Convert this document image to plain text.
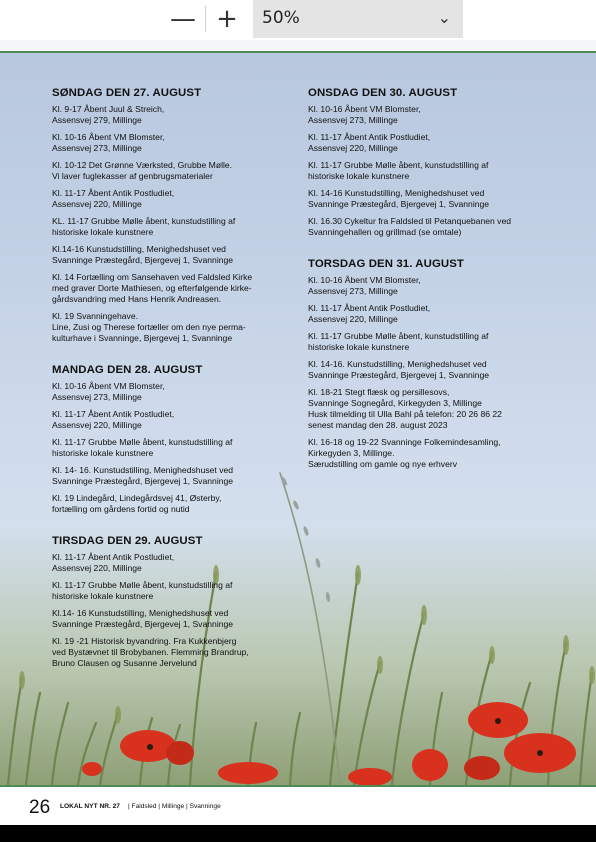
— +	50%	⌄
SØNDAG DEN 27. AUGUST
Kl. 9-17 Åbent Juul & Streich,
Assensvej 279, Millinge
Kl. 10-16 Åbent VM Blomster,
Assensvej 273, Millinge
Kl. 10-12 Det Grønne Værksted, Grubbe Mølle.
Vi laver fuglekasser af genbrugsmaterialer
Kl. 11-17 Åbent Antik Postludiet,
Assensvej 220, Millinge
KL. 11-17 Grubbe Mølle åbent, kunstudstilling af
historiske lokale kunstnere
Kl.14-16 Kunstudstilling, Menighedshuset ved
Svanninge Præstegård, Bjergevej 1, Svanninge
Kl. 14 Fortælling om Sansehaven ved Faldsled Kirke
med graver Dorte Mathiesen, og efterfølgende kirke-
gårdsvandring med Hans Henrik Andreasen.
Kl. 19 Svanningehave.
Line, Zusi og Therese fortæller om den nye perma-
kulturhave i Svanninge, Bjergevej 1, Svanninge
MANDAG DEN 28. AUGUST
Kl. 10-16 Åbent VM Blomster,
Assensvej 273, Millinge
Kl. 11-17 Åbent Antik Postludiet,
Assensvej 220, Millinge
Kl. 11-17 Grubbe Mølle åbent, kunstudstilling af
historiske lokale kunstnere
Kl. 14- 16. Kunstudstilling, Menighedshuset ved
Svanninge Præstegård, Bjergevej 1, Svanninge
Kl. 19 Lindegård, Lindegårdsvej 41, Østerby,
fortælling om gårdens fortid og nutid
TIRSDAG DEN 29. AUGUST
Kl. 11-17 Åbent Antik Postludiet,
Assensvej 220, Millinge
Kl. 11-17 Grubbe Mølle åbent, kunstudstilling af
historiske lokale kunstnere
Kl.14- 16 Kunstudstilling, Menighedshuset ved
Svanninge Præstegård, Bjergevej 1, Svanninge
Kl. 19 -21 Historisk byvandring. Fra Kukkenbjerg
ved Bystævnet til Brobybanen. Flemming Brandrup,
Bruno Clausen og Susanne Jervelund
ONSDAG DEN 30. AUGUST
Kl. 10-16 Åbent VM Blomster,
Assensvej 273, Millinge
Kl. 11-17 Åbent Antik Postludiet,
Assensvej 220, Millinge
Kl. 11-17 Grubbe Mølle åbent, kunstudstilling af
historiske lokale kunstnere
Kl. 14-16 Kunstudstilling, Menighedshuset ved
Svanninge Præstegård, Bjergevej 1, Svanninge
Kl. 16.30 Cykeltur fra Faldsled til Petanquebanen ved
Svanningehallen og grillmad (se omtale)
TORSDAG DEN 31. AUGUST
Kl. 10-16 Åbent VM Blomster,
Assensvej 273, Millinge
Kl. 11-17 Åbent Antik Postludiet,
Assensvej 220, Millinge
Kl. 11-17 Grubbe Mølle åbent, kunstudstilling af
historiske lokale kunstnere
Kl. 14-16. Kunstudstilling, Menighedshuset ved
Svanninge Præstegård, Bjergevej 1, Svanninge
Kl. 18-21 Stegt flæsk og persillesovs,
Svanninge Sognegård, Kirkegyden 3, Millinge
Husk tilmelding til Ulla Bahl på telefon: 20 26 86 22
senest mandag den 28. august 2023
Kl. 16-18 og 19-22 Svanninge Folkemindesamling,
Kirkegyden 3, Millinge.
Særudstilling om gamle og nye erhverv
26 LOKAL NYT NR. 27 | Faldsled | Millinge | Svanninge
